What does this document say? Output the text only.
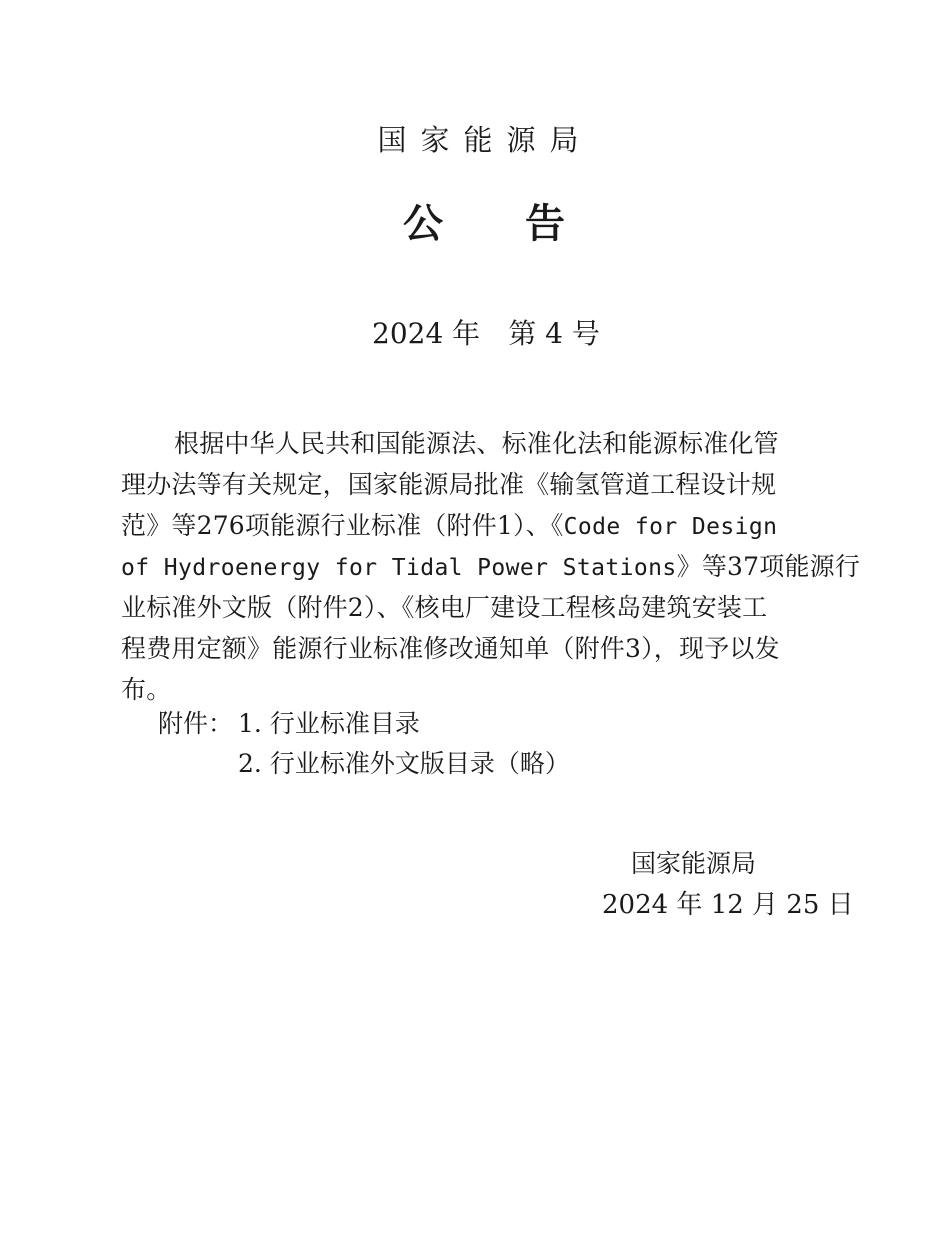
国家能源局
公 告
2024 年 第 4 号
根据中华人民共和国能源法、标准化法和能源标准化管
理办法等有关规定，国家能源局批准《输氢管道工程设计规
范》等276项能源行业标准（附件1）、《Code for Design
of Hydroenergy for Tidal Power Stations》等37项能源行
业标准外文版（附件2）、《核电厂建设工程核岛建筑安装工
程费用定额》能源行业标准修改通知单（附件3），现予以发
布。
附件： 1. 行业标准目录
2. 行业标准外文版目录（略）
国家能源局
2024 年 12 月 25 日
